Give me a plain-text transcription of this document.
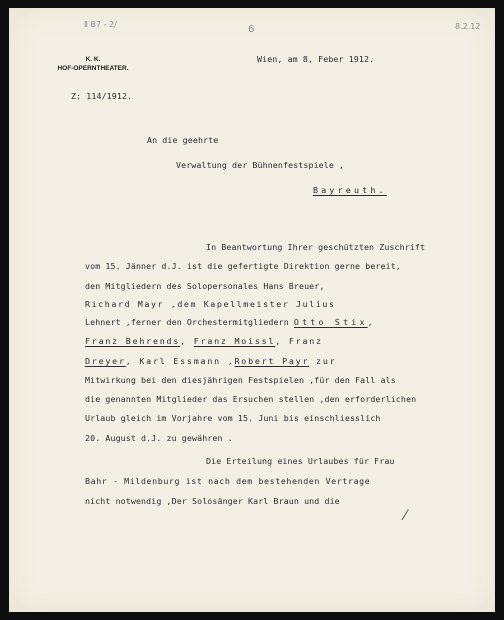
Ⅱ B7 - 2/	6	8.2.12
K. K.
HOF-OPERNTHEATER.
Wien, am 8, Feber 1912.
Z: 114/1912.
An die geehrte
Verwaltung der Bühnenfestspiele ,
Bayreuth.
In Beantwortung Ihrer geschützten Zuschrift
vom 15. Jänner d.J. ist die gefertigte Direktion gerne bereit,
den Mitgliedern des Solopersonales Hans Breuer,
Richard Mayr ,dem Kapellmeister Julius
Lehnert ,ferner den Orchestermitgliedern Otto Stix,
Franz Behrends, Franz Moissl, Franz
Dreyer, Karl Essmann ,Robert Payr zur
Mitwirkung bei den diesjährigen Festspielen ,für den Fall als
die genannten Mitglieder das Ersuchen stellen ,den erforderlichen
Urlaub gleich im Vorjahre vom 15. Juni bis einschliesslich
20. August d.J. zu gewähren .
Die Erteilung eines Urlaubes für Frau
Bahr - Mildenburg ist nach dem bestehenden Vertrage
nicht notwendig ,Der Solosänger Karl Braun und die
⁄
